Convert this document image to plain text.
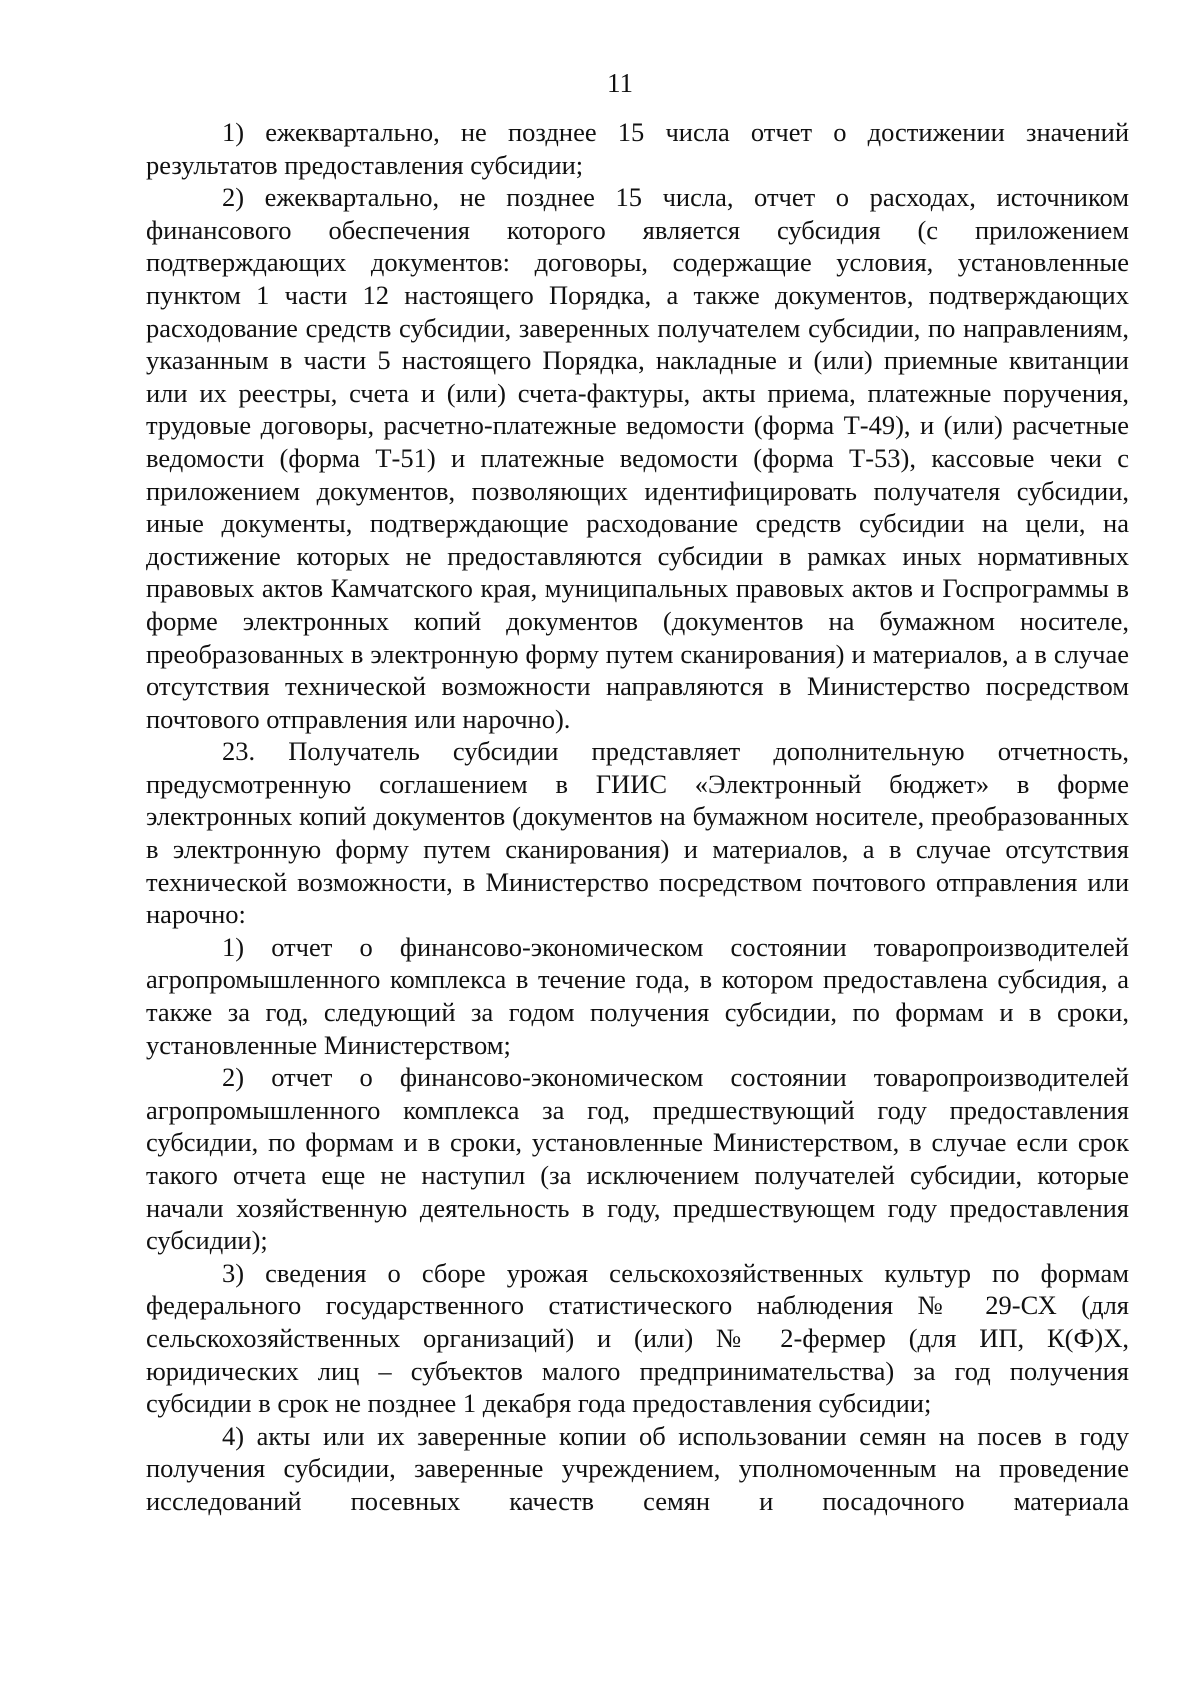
11

1) ежеквартально, не позднее 15 числа отчет о достижении значений результатов предоставления субсидии;

2) ежеквартально, не позднее 15 числа, отчет о расходах, источником финансового обеспечения которого является субсидия (с приложением подтверждающих документов: договоры, содержащие условия, установленные пунктом 1 части 12 настоящего Порядка, а также документов, подтверждающих расходование средств субсидии, заверенных получателем субсидии, по направлениям, указанным в части 5 настоящего Порядка, накладные и (или) приемные квитанции или их реестры, счета и (или) счета-фактуры, акты приема, платежные поручения, трудовые договоры, расчетно-платежные ведомости (форма Т-49), и (или) расчетные ведомости (форма Т-51) и платежные ведомости (форма Т-53), кассовые чеки с приложением документов, позволяющих идентифицировать получателя субсидии, иные документы, подтверждающие расходование средств субсидии на цели, на достижение которых не предоставляются субсидии в рамках иных нормативных правовых актов Камчатского края, муниципальных правовых актов и Госпрограммы в форме электронных копий документов (документов на бумажном носителе, преобразованных в электронную форму путем сканирования) и материалов, а в случае отсутствия технической возможности направляются в Министерство посредством почтового отправления или нарочно).

23. Получатель субсидии представляет дополнительную отчетность, предусмотренную соглашением в ГИИС «Электронный бюджет» в форме электронных копий документов (документов на бумажном носителе, преобразованных в электронную форму путем сканирования) и материалов, а в случае отсутствия технической возможности, в Министерство посредством почтового отправления или нарочно:

1) отчет о финансово-экономическом состоянии товаропроизводителей агропромышленного комплекса в течение года, в котором предоставлена субсидия, а также за год, следующий за годом получения субсидии, по формам и в сроки, установленные Министерством;

2) отчет о финансово-экономическом состоянии товаропроизводителей агропромышленного комплекса за год, предшествующий году предоставления субсидии, по формам и в сроки, установленные Министерством, в случае если срок такого отчета еще не наступил (за исключением получателей субсидии, которые начали хозяйственную деятельность в году, предшествующем году предоставления субсидии);

3) сведения о сборе урожая сельскохозяйственных культур по формам федерального государственного статистического наблюдения № 29-СХ (для сельскохозяйственных организаций) и (или) № 2-фермер (для ИП, К(Ф)Х, юридических лиц – субъектов малого предпринимательства) за год получения субсидии в срок не позднее 1 декабря года предоставления субсидии;

4) акты или их заверенные копии об использовании семян на посев в году получения субсидии, заверенные учреждением, уполномоченным на проведение исследований посевных качеств семян и посадочного материала
